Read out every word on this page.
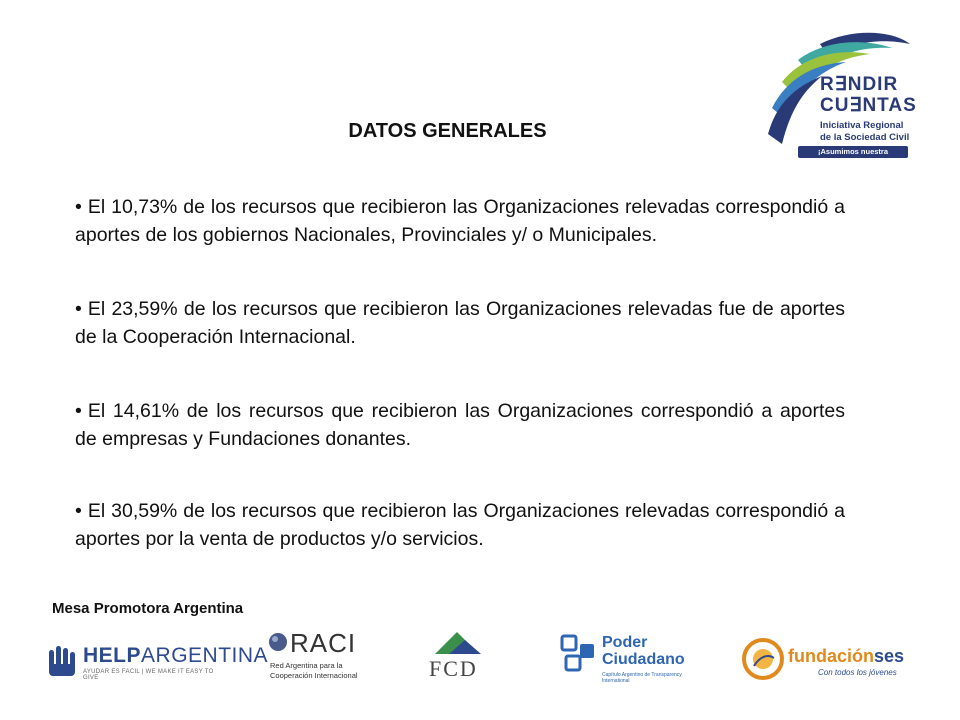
DATOS GENERALES

• El 10,73% de los recursos que recibieron las Organizaciones relevadas correspondió a aportes de los gobiernos Nacionales, Provinciales y/ o Municipales.

• El 23,59% de los recursos que recibieron las Organizaciones relevadas fue de aportes de la Cooperación Internacional.

• El 14,61% de los recursos que recibieron las Organizaciones correspondió a aportes de empresas y Fundaciones donantes.

• El 30,59% de los recursos que recibieron las Organizaciones relevadas correspondió a aportes por la venta de productos y/o servicios.

R∃NDIR
CU∃NTAS
Iniciativa Regional
de la Sociedad Civil
¡Asumimos nuestra responsabilidad!
Mesa Promotora Argentina
HELPARGENTINA
AYUDAR ES FACIL | WE MAKE IT EASY TO GIVE
RACI
Red Argentina para la
Cooperación Internacional	FCD
Poder
Ciudadano
Capítulo Argentino de Transparency International
fundaciónses
Con todos los jóvenes
